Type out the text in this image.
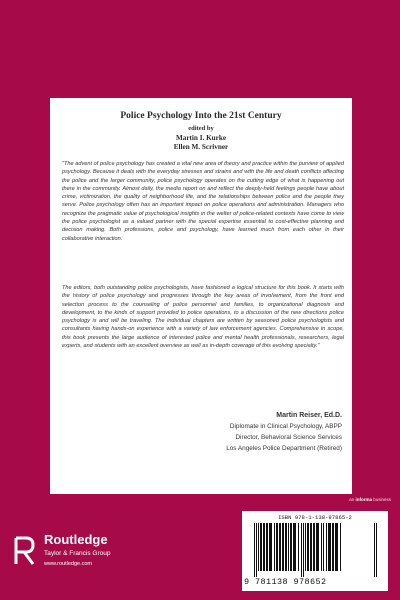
Police Psychology Into the 21st Century
edited by
Martin I. Kurke
Ellen M. Scrivner

"The advent of police psychology has created a vital new area of theory and practice within the purview of applied psychology. Because it deals with the everyday stresses and strains and with the life and death conflicts affecting the police and the larger community, police psychology operates on the cutting edge of what is happening out there in the community. Almost daily, the media report on and reflect the deeply-held feelings people have about crime, victimization, the quality of neighborhood life, and the relationships between police and the people they serve. Police psychology often has an important impact on police operations and administration. Managers who recognize the pragmatic value of psychological insights in the welter of police-related contexts have come to view the police psychologist as a valued partner with the special expertise essential to cost-effective planning and decision making. Both professions, police and psychology, have learned much from each other in their collaborative interaction.

The editors, both outstanding police psychologists, have fashioned a logical structure for this book. It starts with the history of police psychology and progresses through the key areas of involvement, from the front end selection process to the counseling of police personnel and families, to organizational diagnosis and development, to the kinds of support provided to police operations, to a discussion of the new directions police psychology is and will be traveling. The individual chapters are written by seasoned police psychologists and consultants having hands-on experience with a variety of law enforcement agencies. Comprehensive in scope, this book presents the large audience of interested police and mental health professionals, researchers, legal experts, and students with an excellent overview as well as in-depth coverage of this evolving specialty."

Martin Reiser, Ed.D.
Diplomate in Clinical Psychology, ABPP
Director, Behavioral Science Services
Los Angeles Police Department (Retired)
an informa business
Routledge
Taylor & Francis Group
www.routledge.com
ISBN 978-1-138-97865-2
9 781138 978652
